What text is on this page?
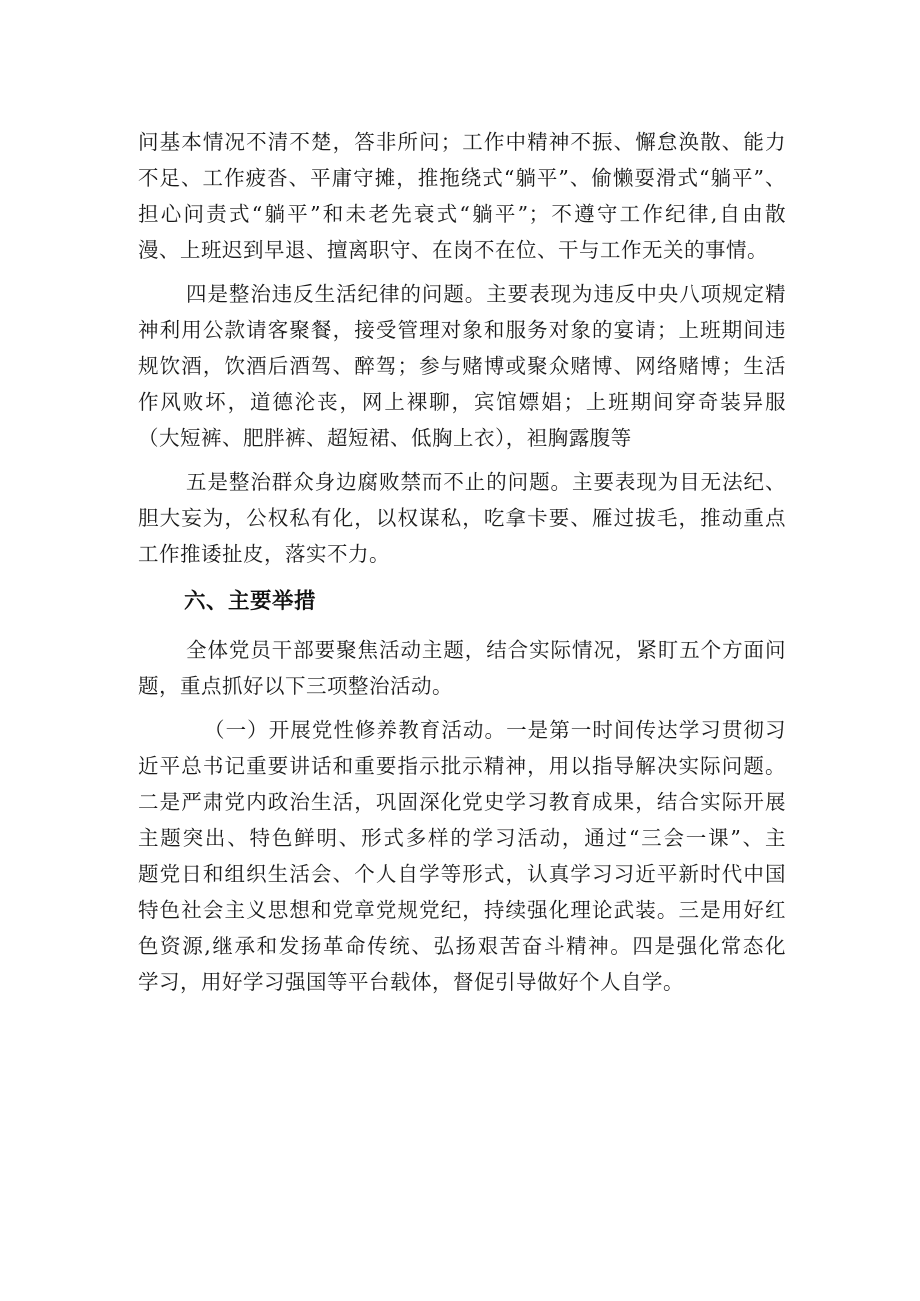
问基本情况不清不楚，答非所问；工作中精神不振、懈怠涣散、能力
不足、工作疲沓、平庸守摊，推拖绕式“躺平”、偷懒耍滑式“躺平”、
担心问责式“躺平”和未老先衰式“躺平”；不遵守工作纪律,自由散
漫、上班迟到早退、擅离职守、在岗不在位、干与工作无关的事情。
四是整治违反生活纪律的问题。主要表现为违反中央八项规定精
神利用公款请客聚餐，接受管理对象和服务对象的宴请；上班期间违
规饮酒，饮酒后酒驾、醉驾；参与赌博或聚众赌博、网络赌博；生活
作风败坏，道德沦丧，网上裸聊，宾馆嫖娼；上班期间穿奇装异服
（大短裤、肥胖裤、超短裙、低胸上衣），袒胸露腹等
五是整治群众身边腐败禁而不止的问题。主要表现为目无法纪、
胆大妄为，公权私有化，以权谋私，吃拿卡要、雁过拔毛，推动重点
工作推诿扯皮，落实不力。
六、主要举措
全体党员干部要聚焦活动主题，结合实际情况，紧盯五个方面问
题，重点抓好以下三项整治活动。
（一）开展党性修养教育活动。一是第一时间传达学习贯彻习
近平总书记重要讲话和重要指示批示精神，用以指导解决实际问题。
二是严肃党内政治生活，巩固深化党史学习教育成果，结合实际开展
主题突出、特色鲜明、形式多样的学习活动，通过“三会一课”、主
题党日和组织生活会、个人自学等形式，认真学习习近平新时代中国
特色社会主义思想和党章党规党纪，持续强化理论武装。三是用好红
色资源,继承和发扬革命传统、弘扬艰苦奋斗精神。四是强化常态化
学习，用好学习强国等平台载体，督促引导做好个人自学。
